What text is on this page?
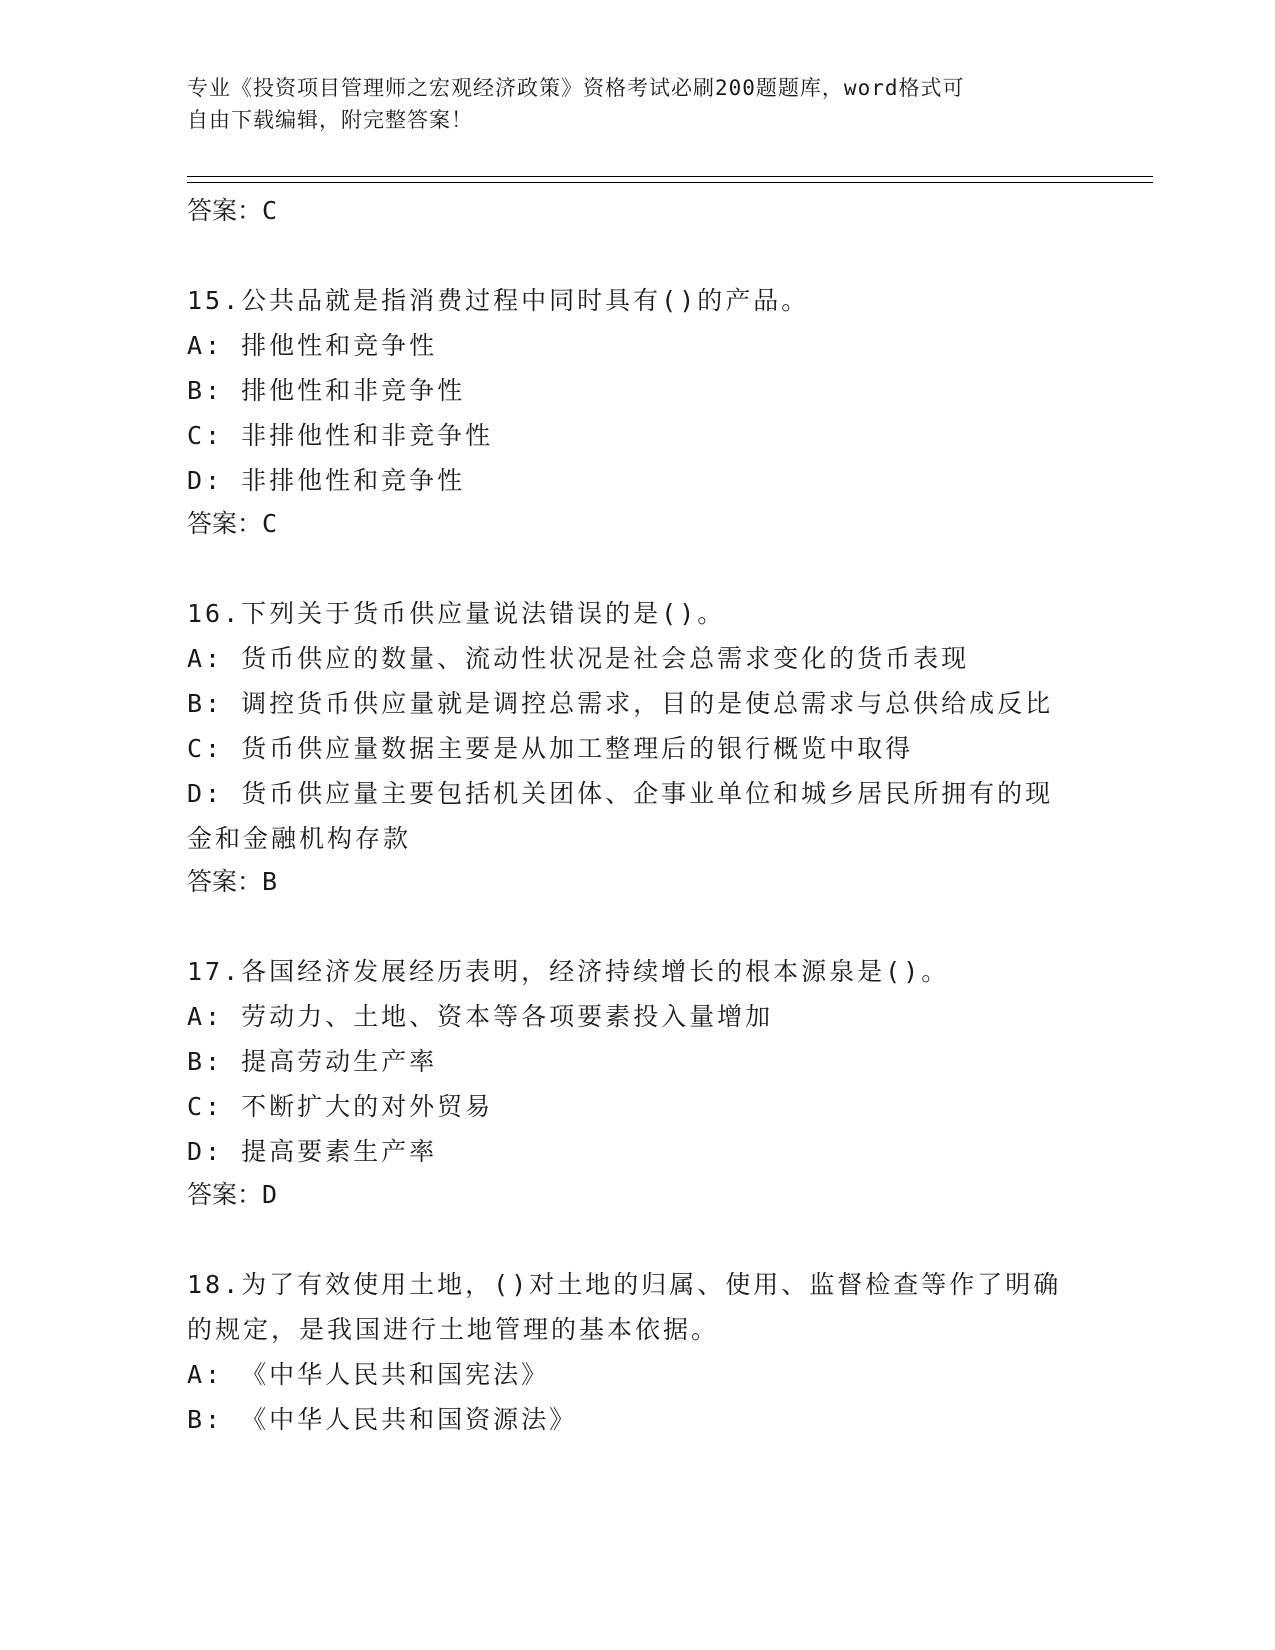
专业《投资项目管理师之宏观经济政策》资格考试必刷200题题库，word格式可
自由下载编辑，附完整答案！

答案：C

15.公共品就是指消费过程中同时具有()的产品。

A: 排他性和竞争性

B: 排他性和非竞争性

C: 非排他性和非竞争性

D: 非排他性和竞争性

答案：C

16.下列关于货币供应量说法错误的是()。

A: 货币供应的数量、流动性状况是社会总需求变化的货币表现

B: 调控货币供应量就是调控总需求，目的是使总需求与总供给成反比

C: 货币供应量数据主要是从加工整理后的银行概览中取得

D: 货币供应量主要包括机关团体、企事业单位和城乡居民所拥有的现

金和金融机构存款

答案：B

17.各国经济发展经历表明，经济持续增长的根本源泉是()。

A: 劳动力、土地、资本等各项要素投入量增加

B: 提高劳动生产率

C: 不断扩大的对外贸易

D: 提高要素生产率

答案：D

18.为了有效使用土地，()对土地的归属、使用、监督检查等作了明确
的规定，是我国进行土地管理的基本依据。

A: 《中华人民共和国宪法》

B: 《中华人民共和国资源法》
